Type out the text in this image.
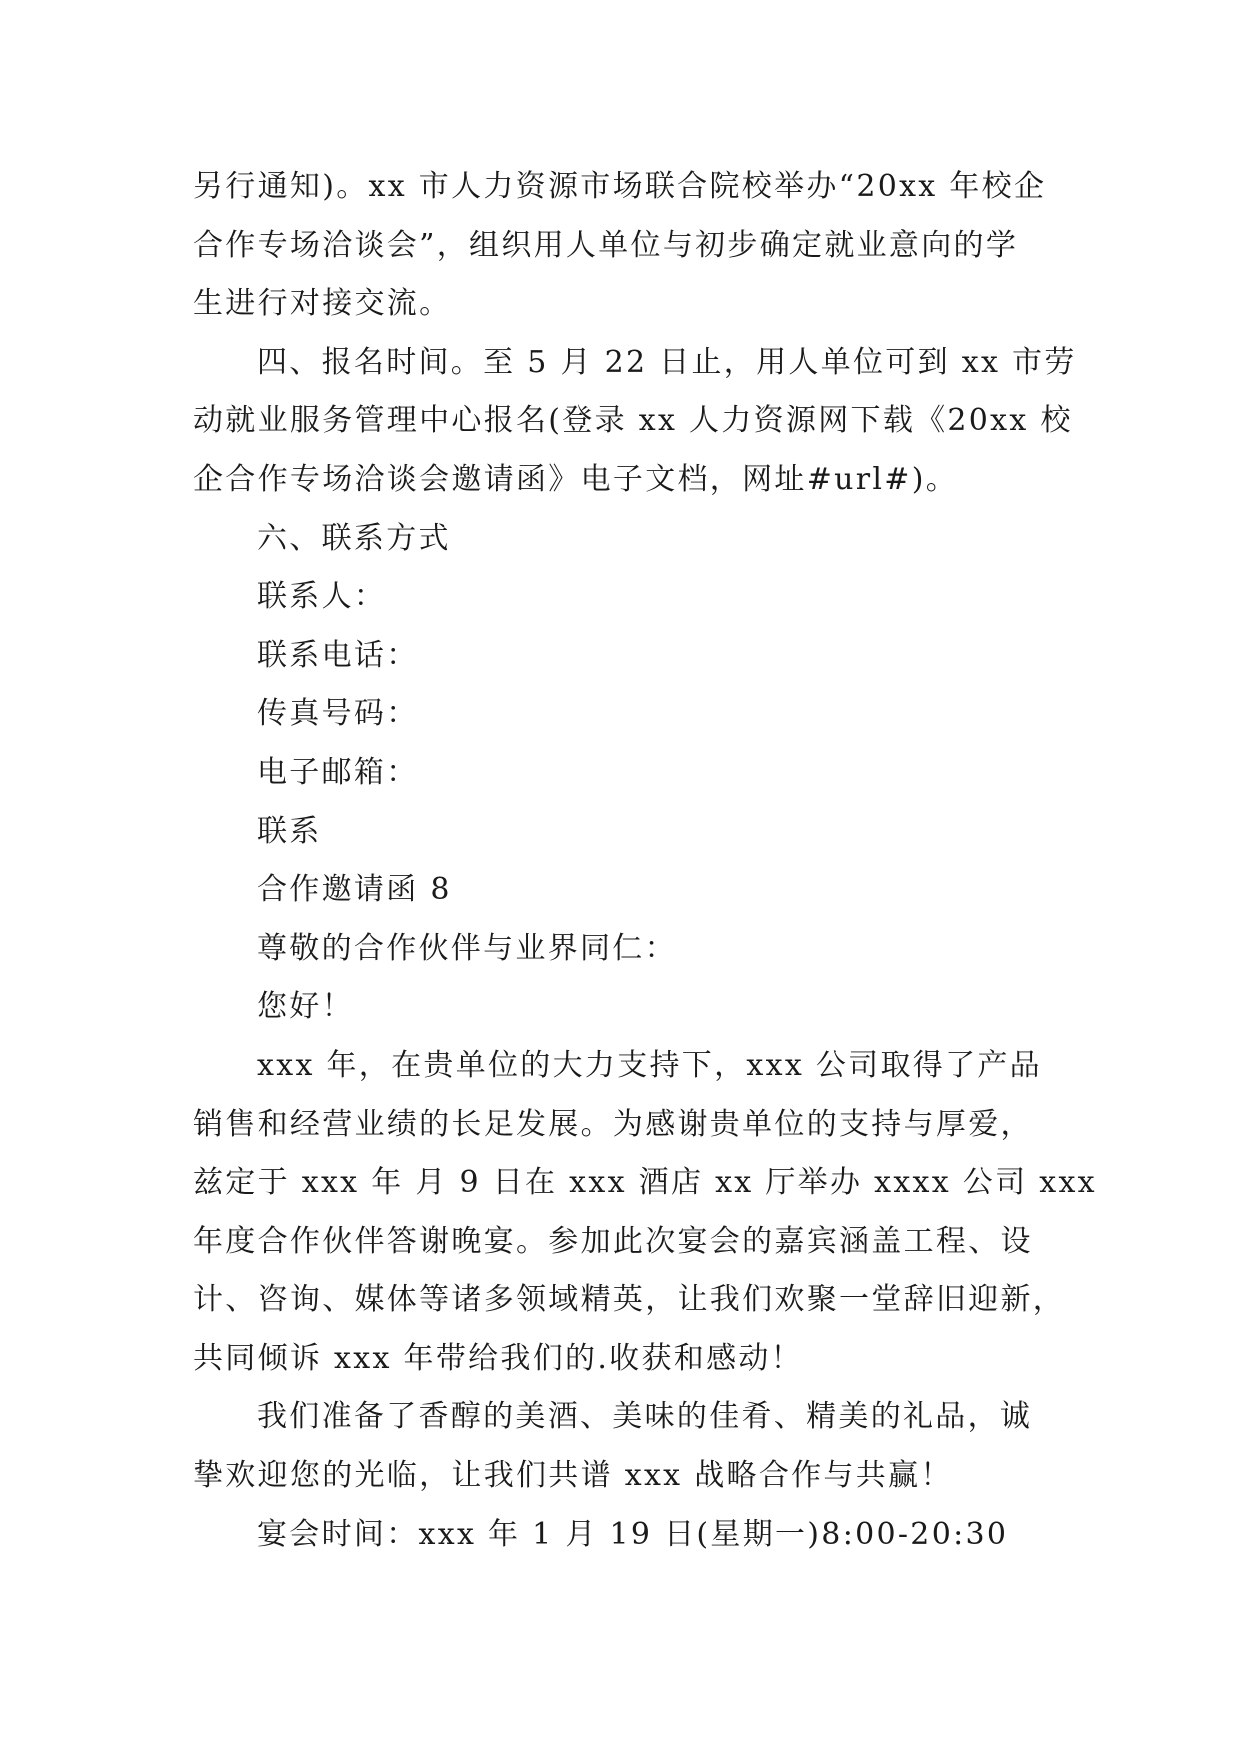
另行通知)。xx 市人力资源市场联合院校举办“20xx 年校企
合作专场洽谈会”，组织用人单位与初步确定就业意向的学
生进行对接交流。
四、报名时间。至 5 月 22 日止，用人单位可到 xx 市劳
动就业服务管理中心报名(登录 xx 人力资源网下载《20xx 校
企合作专场洽谈会邀请函》电子文档，网址#url#)。
六、联系方式
联系人：
联系电话：
传真号码：
电子邮箱：
联系
合作邀请函 8
尊敬的合作伙伴与业界同仁：
您好！
xxx 年，在贵单位的大力支持下，xxx 公司取得了产品
销售和经营业绩的长足发展。为感谢贵单位的支持与厚爱，
兹定于 xxx 年 月 9 日在 xxx 酒店 xx 厅举办 xxxx 公司 xxx
年度合作伙伴答谢晚宴。参加此次宴会的嘉宾涵盖工程、设
计、咨询、媒体等诸多领域精英，让我们欢聚一堂辞旧迎新，
共同倾诉 xxx 年带给我们的.收获和感动！
我们准备了香醇的美酒、美味的佳肴、精美的礼品，诚
挚欢迎您的光临，让我们共谱 xxx 战略合作与共赢！
宴会时间：xxx 年 1 月 19 日(星期一)8:00-20:30
